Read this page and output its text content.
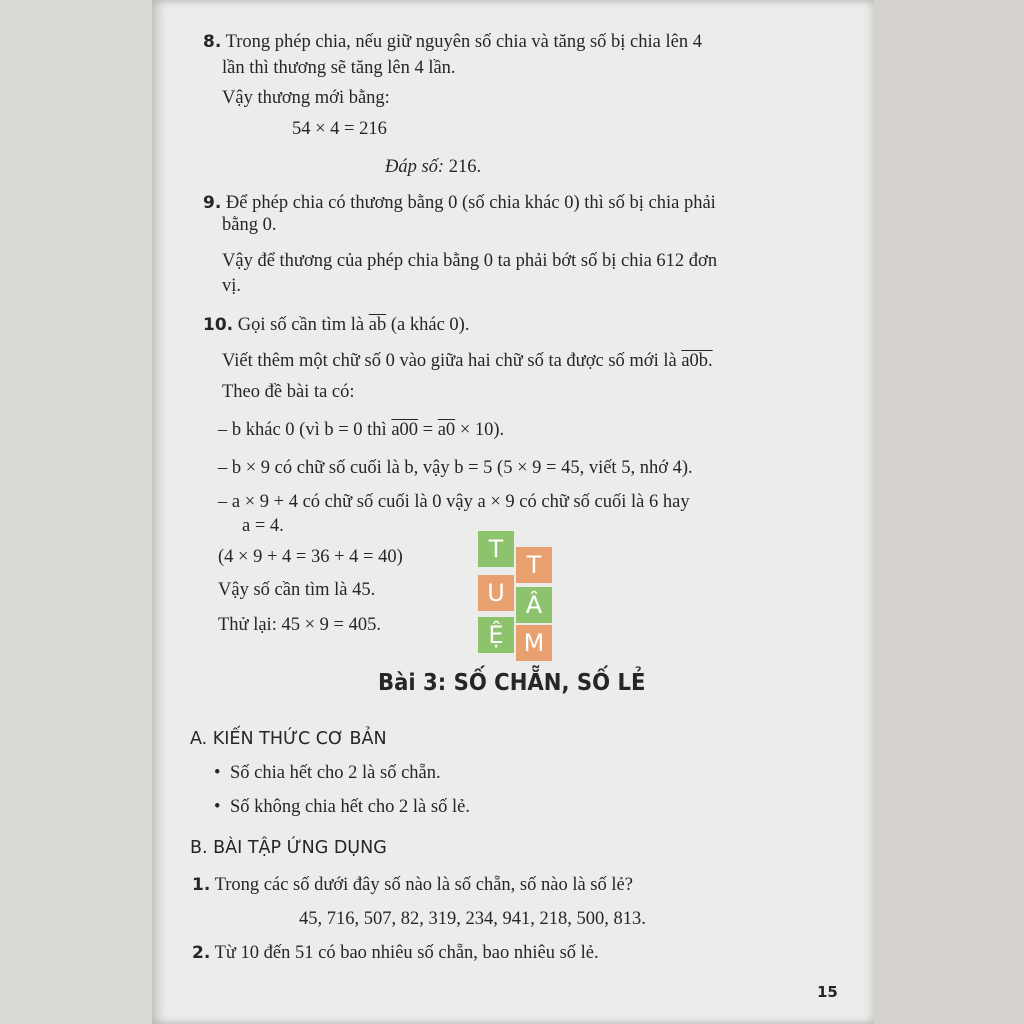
8. Trong phép chia, nếu giữ nguyên số chia và tăng số bị chia lên 4
lần thì thương sẽ tăng lên 4 lần.
Vậy thương mới bằng:
54 × 4 = 216
Đáp số: 216.
9. Để phép chia có thương bằng 0 (số chia khác 0) thì số bị chia phải
bằng 0.
Vậy để thương của phép chia bằng 0 ta phải bớt số bị chia 612 đơn
vị.
10. Gọi số cần tìm là $\overline{ab}$ (a khác 0).
Viết thêm một chữ số 0 vào giữa hai chữ số ta được số mới là a0b.
Theo đề bài ta có:
– b khác 0 (vì b = 0 thì a00 = a0 × 10).
– b × 9 có chữ số cuối là b, vậy b = 5 (5 × 9 = 45, viết 5, nhớ 4).
– a × 9 + 4 có chữ số cuối là 0 vậy a × 9 có chữ số cuối là 6 hay
a = 4.
(4 × 9 + 4 = 36 + 4 = 40)
Vậy số cần tìm là 45.
Thử lại: 45 × 9 = 405.
T
T
U Â
Ệ M
Bài 3: SỐ CHẴN, SỐ LẺ
A. KIẾN THỨC CƠ BẢN
• Số chia hết cho 2 là số chẵn.
• Số không chia hết cho 2 là số lẻ.
B. BÀI TẬP ỨNG DỤNG
1. Trong các số dưới đây số nào là số chẵn, số nào là số lẻ?
45, 716, 507, 82, 319, 234, 941, 218, 500, 813.
2. Từ 10 đến 51 có bao nhiêu số chẵn, bao nhiêu số lẻ.
15
